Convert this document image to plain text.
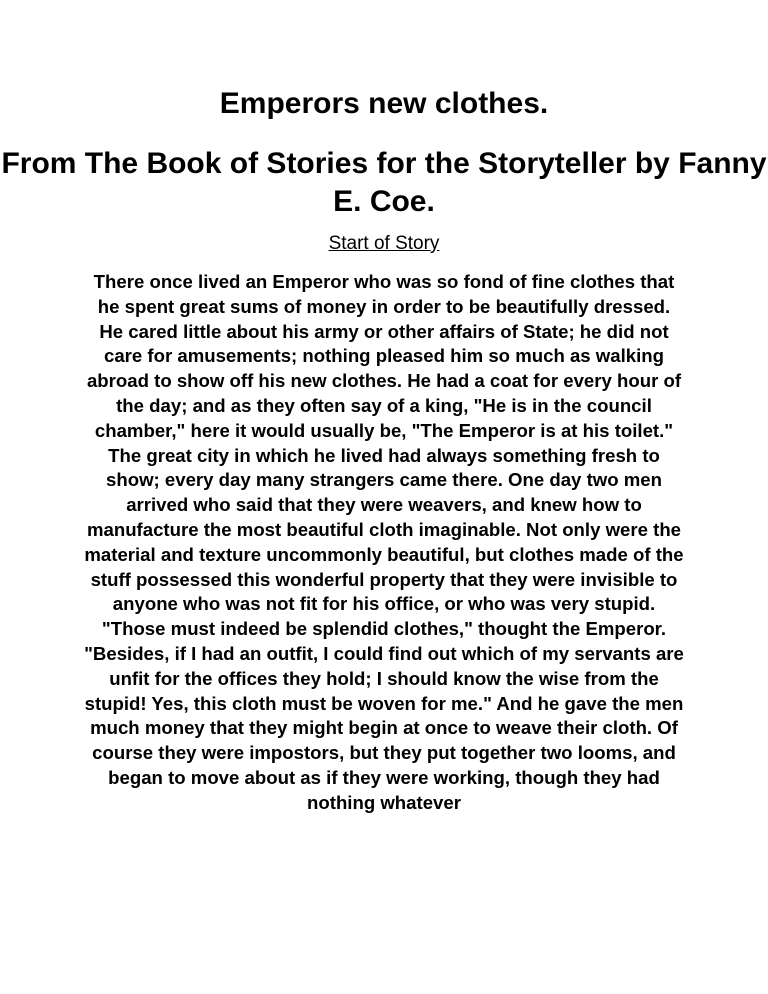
Emperors new clothes.
From The Book of Stories for the Storyteller by Fanny E. Coe.
Start of Story

There once lived an Emperor who was so fond of fine clothes that he spent great sums of money in order to be beautifully dressed. He cared little about his army or other affairs of State; he did not care for amusements; nothing pleased him so much as walking abroad to show off his new clothes. He had a coat for every hour of the day; and as they often say of a king, "He is in the council chamber," here it would usually be, "The Emperor is at his toilet." The great city in which he lived had always something fresh to show; every day many strangers came there. One day two men arrived who said that they were weavers, and knew how to manufacture the most beautiful cloth imaginable. Not only were the material and texture uncommonly beautiful, but clothes made of the stuff possessed this wonderful property that they were invisible to anyone who was not fit for his office, or who was very stupid. "Those must indeed be splendid clothes," thought the Emperor. "Besides, if I had an outfit, I could find out which of my servants are unfit for the offices they hold; I should know the wise from the stupid! Yes, this cloth must be woven for me." And he gave the men much money that they might begin at once to weave their cloth. Of course they were impostors, but they put together two looms, and began to move about as if they were working, though they had nothing whatever
